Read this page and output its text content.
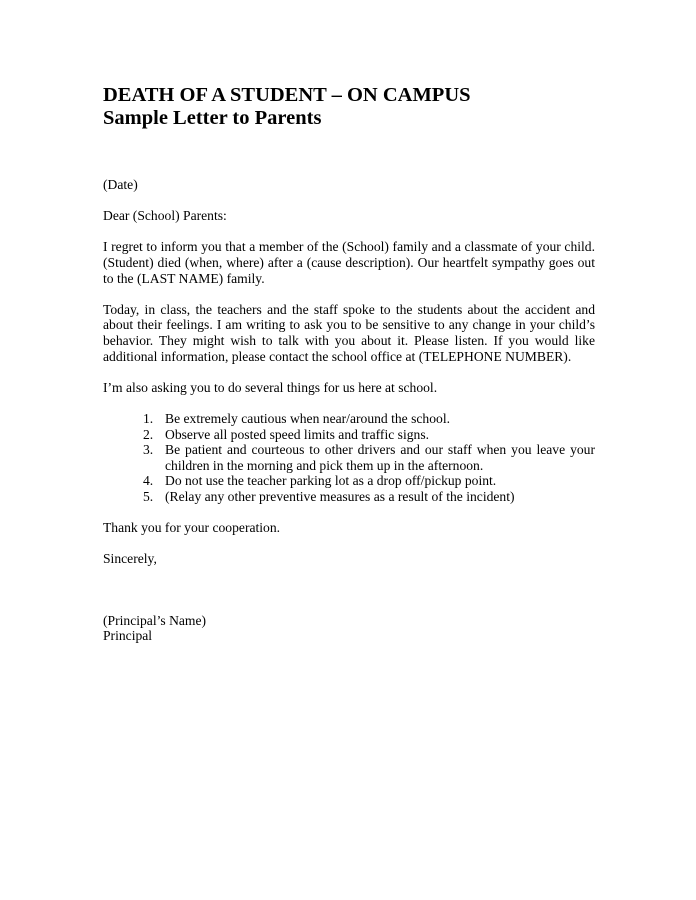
DEATH OF A STUDENT – ON CAMPUS
Sample Letter to Parents

(Date)

Dear (School) Parents:

I regret to inform you that a member of the (School) family and a classmate of your child. (Student) died (when, where) after a (cause description). Our heartfelt sympathy goes out to the (LAST NAME) family.

Today, in class, the teachers and the staff spoke to the students about the accident and about their feelings. I am writing to ask you to be sensitive to any change in your child’s behavior. They might wish to talk with you about it. Please listen. If you would like additional information, please contact the school office at (TELEPHONE NUMBER).

I’m also asking you to do several things for us here at school.

1. Be extremely cautious when near/around the school.
2. Observe all posted speed limits and traffic signs.
3. Be patient and courteous to other drivers and our staff when you leave your children in the morning and pick them up in the afternoon.
4. Do not use the teacher parking lot as a drop off/pickup point.
5. (Relay any other preventive measures as a result of the incident)

Thank you for your cooperation.

Sincerely,

(Principal’s Name)

Principal
